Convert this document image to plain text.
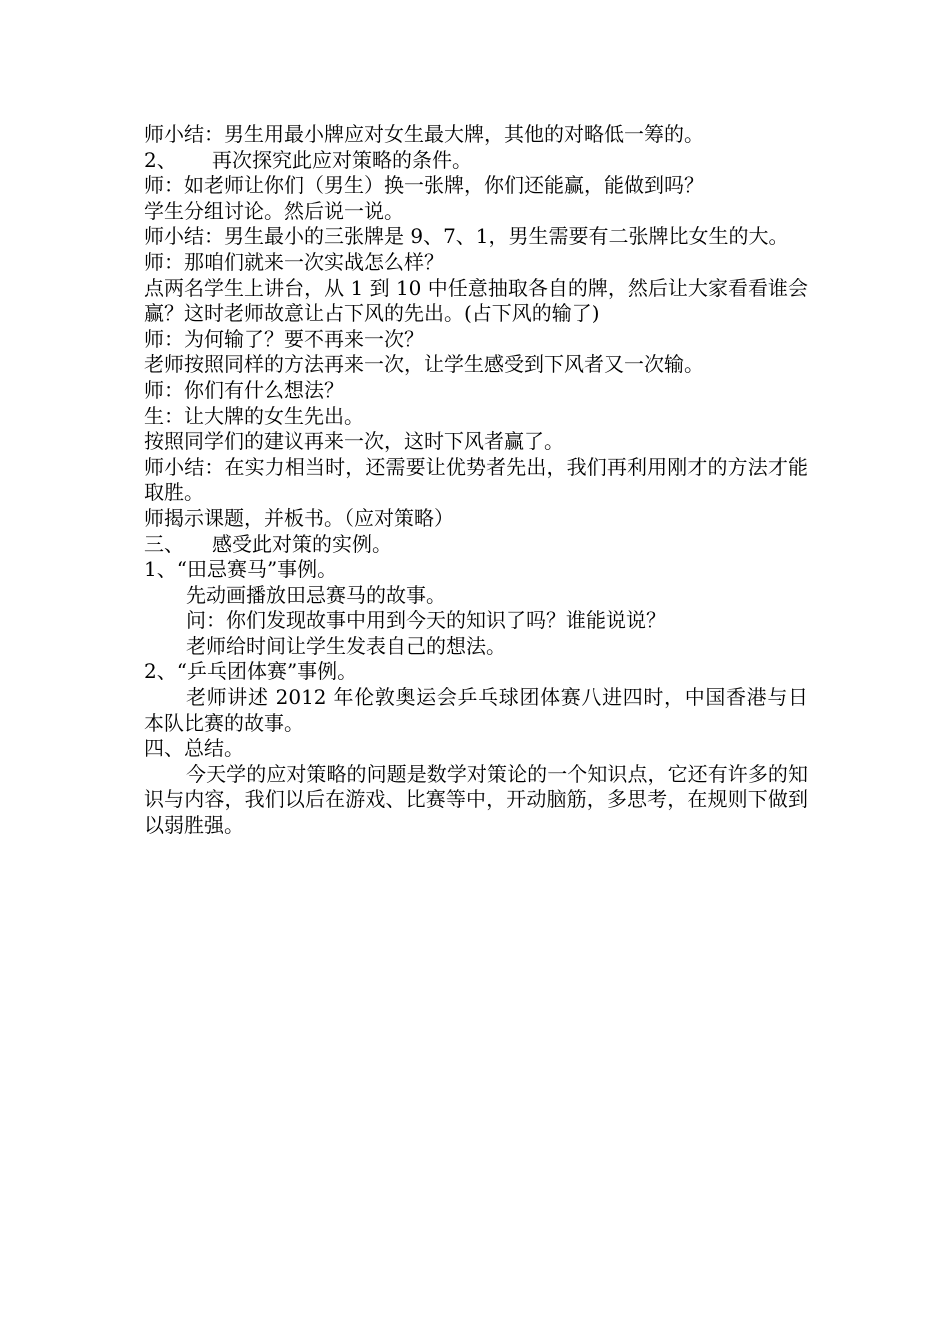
师小结：男生用最小牌应对女生最大牌，其他的对略低一筹的。

2、 再次探究此应对策略的条件。

师：如老师让你们（男生）换一张牌，你们还能赢，能做到吗？

学生分组讨论。然后说一说。

师小结：男生最小的三张牌是 9、7、1，男生需要有二张牌比女生的大。

师：那咱们就来一次实战怎么样？

点两名学生上讲台，从 1 到 10 中任意抽取各自的牌，然后让大家看看谁会赢？这时老师故意让占下风的先出。(占下风的输了)

师：为何输了？要不再来一次？

老师按照同样的方法再来一次，让学生感受到下风者又一次输。

师：你们有什么想法？

生：让大牌的女生先出。

按照同学们的建议再来一次，这时下风者赢了。

师小结：在实力相当时，还需要让优势者先出，我们再利用刚才的方法才能取胜。

师揭示课题，并板书。（应对策略）

三、 感受此对策的实例。

1、“田忌赛马”事例。

先动画播放田忌赛马的故事。

问：你们发现故事中用到今天的知识了吗？谁能说说？

老师给时间让学生发表自己的想法。

2、“乒乓团体赛”事例。

老师讲述 2012 年伦敦奥运会乒乓球团体赛八进四时，中国香港与日本队比赛的故事。

四、总结。

今天学的应对策略的问题是数学对策论的一个知识点，它还有许多的知识与内容，我们以后在游戏、比赛等中，开动脑筋，多思考，在规则下做到以弱胜强。
